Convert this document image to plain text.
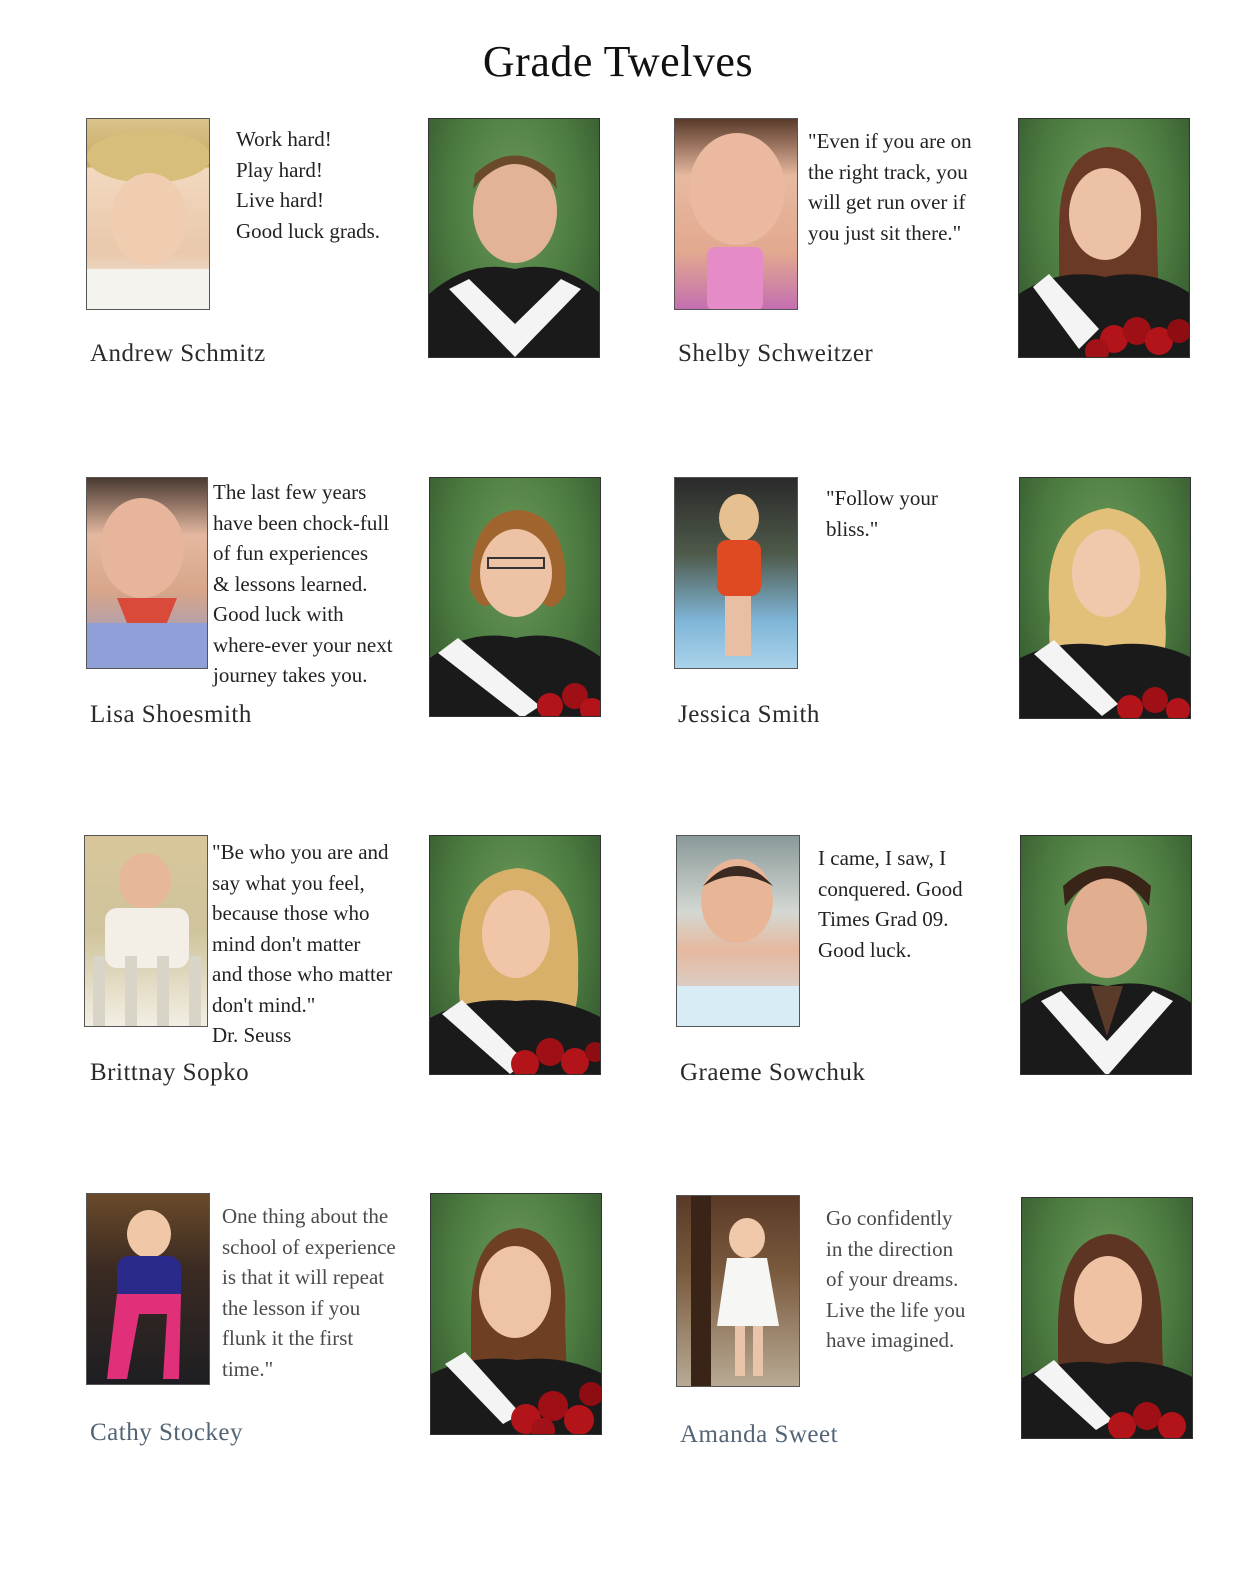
Grade Twelves
Work hard!
Play hard!
Live hard!
Good luck grads.
Andrew Schmitz
"Even if you are on
the right track, you
will get run over if
you just sit there."
Shelby Schweitzer
The last few years
have been chock-full
of fun experiences
& lessons learned.
Good luck with
where-ever your next
journey takes you.
Lisa Shoesmith
"Follow your
bliss."
Jessica Smith
"Be who you are and
say what you feel,
because those who
mind don't matter
and those who matter
don't mind."
Dr. Seuss
Brittnay Sopko
I came, I saw, I
conquered. Good
Times Grad 09.
Good luck.
Graeme Sowchuk
One thing about the
school of experience
is that it will repeat
the lesson if you
flunk it the first
time."
Cathy Stockey
Go confidently
in the direction
of your dreams.
Live the life you
have imagined.
Amanda Sweet
